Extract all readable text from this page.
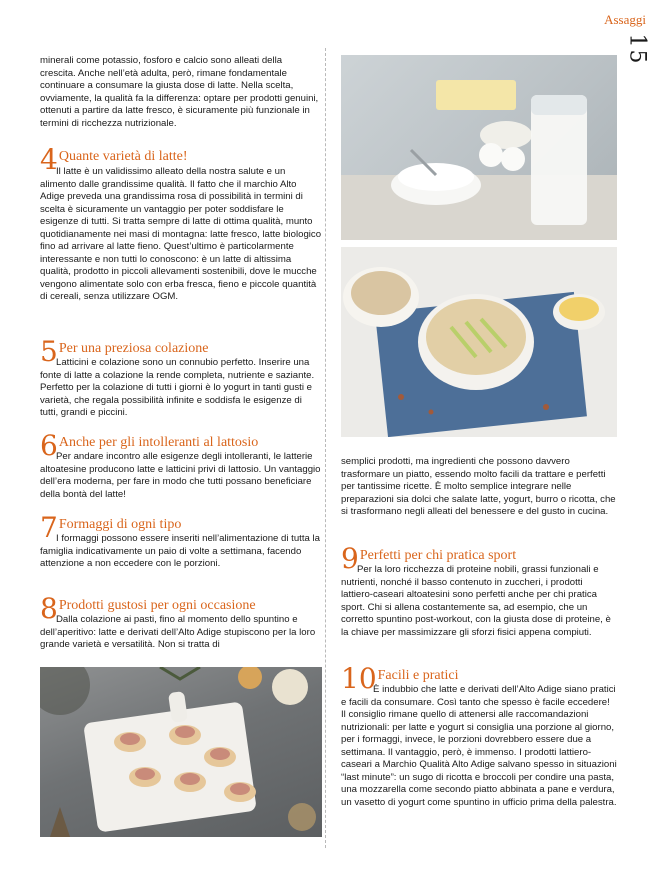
Assaggi
15

minerali come potassio, fosforo e calcio sono alleati della crescita. Anche nell’età adulta, però, rimane fondamentale continuare a consumare la giusta dose di latte. Nella scelta, ovviamente, la qualità fa la differenza: optare per prodotti genuini, ottenuti a partire da latte fresco, è sicuramente più funzionale in termini di ricchezza nutrizionale.

4 Quante varietà di latte!

Il latte è un validissimo alleato della nostra salute e un alimento dalle grandissime qualità. Il fatto che il marchio Alto Adige preveda una grandissima rosa di possibilità in termini di scelta è sicuramente un vantaggio per poter soddisfare le esigenze di tutti. Si tratta sempre di latte di ottima qualità, munto quotidianamente nei masi di montagna: latte fresco, latte biologico fino ad arrivare al latte fieno. Quest’ultimo è particolarmente interessante e non tutti lo conoscono: è un latte di altissima qualità, prodotto in piccoli allevamenti sostenibili, dove le mucche vengono alimentate solo con erba fresca, fieno e piccole quantità di cereali, senza utilizzare OGM.

5 Per una preziosa colazione

Latticini e colazione sono un connubio perfetto. Inserire una fonte di latte a colazione la rende completa, nutriente e saziante. Perfetto per la colazione di tutti i giorni è lo yogurt in tanti gusti e varietà, che regala possibilità infinite e soddisfa le esigenze di tutti, grandi e piccini.

6 Anche per gli intolleranti al lattosio

Per andare incontro alle esigenze degli intolleranti, le latterie altoatesine producono latte e latticini privi di lattosio. Un vantaggio dell’era moderna, per fare in modo che tutti possano beneficiare della bontà del latte!

7 Formaggi di ogni tipo

I formaggi possono essere inseriti nell’alimentazione di tutta la famiglia indicativamente un paio di volte a settimana, facendo attenzione a non eccedere con le porzioni.

8 Prodotti gustosi per ogni occasione

Dalla colazione ai pasti, fino al momento dello spuntino e dell’aperitivo: latte e derivati dell’Alto Adige stupiscono per la loro grande varietà e versatilità. Non si tratta di

semplici prodotti, ma ingredienti che possono davvero trasformare un piatto, essendo molto facili da trattare e perfetti per tantissime ricette. È molto semplice integrare nelle preparazioni sia dolci che salate latte, yogurt, burro o ricotta, che si trasformano negli alleati del benessere e del gusto in cucina.

9 Perfetti per chi pratica sport

Per la loro ricchezza di proteine nobili, grassi funzionali e nutrienti, nonché il basso contenuto in zuccheri, i prodotti lattiero-caseari altoatesini sono perfetti anche per chi pratica sport. Chi si allena costantemente sa, ad esempio, che un corretto spuntino post-workout, con la giusta dose di proteine, è la chiave per massimizzare gli sforzi fisici appena compiuti.

10 Facili e pratici

È indubbio che latte e derivati dell’Alto Adige siano pratici e facili da consumare. Così tanto che spesso è facile eccedere! Il consiglio rimane quello di attenersi alle raccomandazioni nutrizionali: per latte e yogurt si consiglia una porzione al giorno, per i formaggi, invece, le porzioni dovrebbero essere due a settimana. Il vantaggio, però, è immenso. I prodotti lattiero-caseari a Marchio Qualità Alto Adige salvano spesso in situazioni “last minute”: un sugo di ricotta e broccoli per condire una pasta, una mozzarella come secondo piatto abbinata a pane e verdura, un vasetto di yogurt come spuntino in ufficio prima della palestra.
